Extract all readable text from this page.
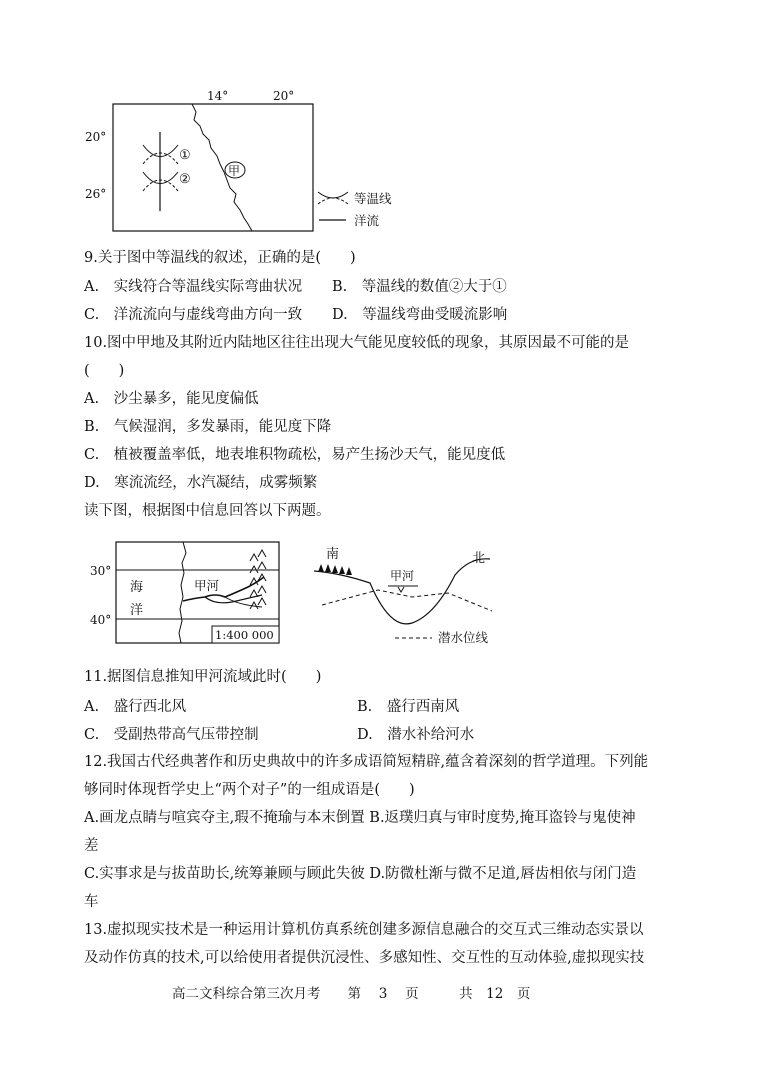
14°	20°
20°
26°
①
②
甲
等温线
洋流
9.关于图中等温线的叙述，正确的是(　　)
A.　实线符合等温线实际弯曲状况 B.　等温线的数值②大于①
C.　洋流流向与虚线弯曲方向一致 D.　等温线弯曲受暖流影响
10.图中甲地及其附近内陆地区往往出现大气能见度较低的现象，其原因最不可能的是
(　　)
A.　沙尘暴多，能见度偏低
B.　气候湿润，多发暴雨，能见度下降
C.　植被覆盖率低，地表堆积物疏松，易产生扬沙天气，能见度低
D.　寒流流经，水汽凝结，成雾频繁
读下图，根据图中信息回答以下两题。
30°
40°
海
洋
甲河
1:400 000
南	北
甲河
潜水位线
11.据图信息推知甲河流域此时(　　)
A.　盛行西北风	B.　盛行西南风
C.　受副热带高气压带控制	D.　潜水补给河水
12.我国古代经典著作和历史典故中的许多成语简短精辟,蕴含着深刻的哲学道理。下列能
够同时体现哲学史上“两个对子”的一组成语是(　　)
A.画龙点睛与喧宾夺主,瑕不掩瑜与本末倒置 B.返璞归真与审时度势,掩耳盗铃与鬼使神
差
C.实事求是与拔苗助长,统筹兼顾与顾此失彼 D.防微杜渐与微不足道,唇齿相依与闭门造
车
13.虚拟现实技术是一种运用计算机仿真系统创建多源信息融合的交互式三维动态实景以
及动作仿真的技术,可以给使用者提供沉浸性、多感知性、交互性的互动体验,虚拟现实技
高二文科综合第三次月考　　第　 3　 页　　　共　12　页
